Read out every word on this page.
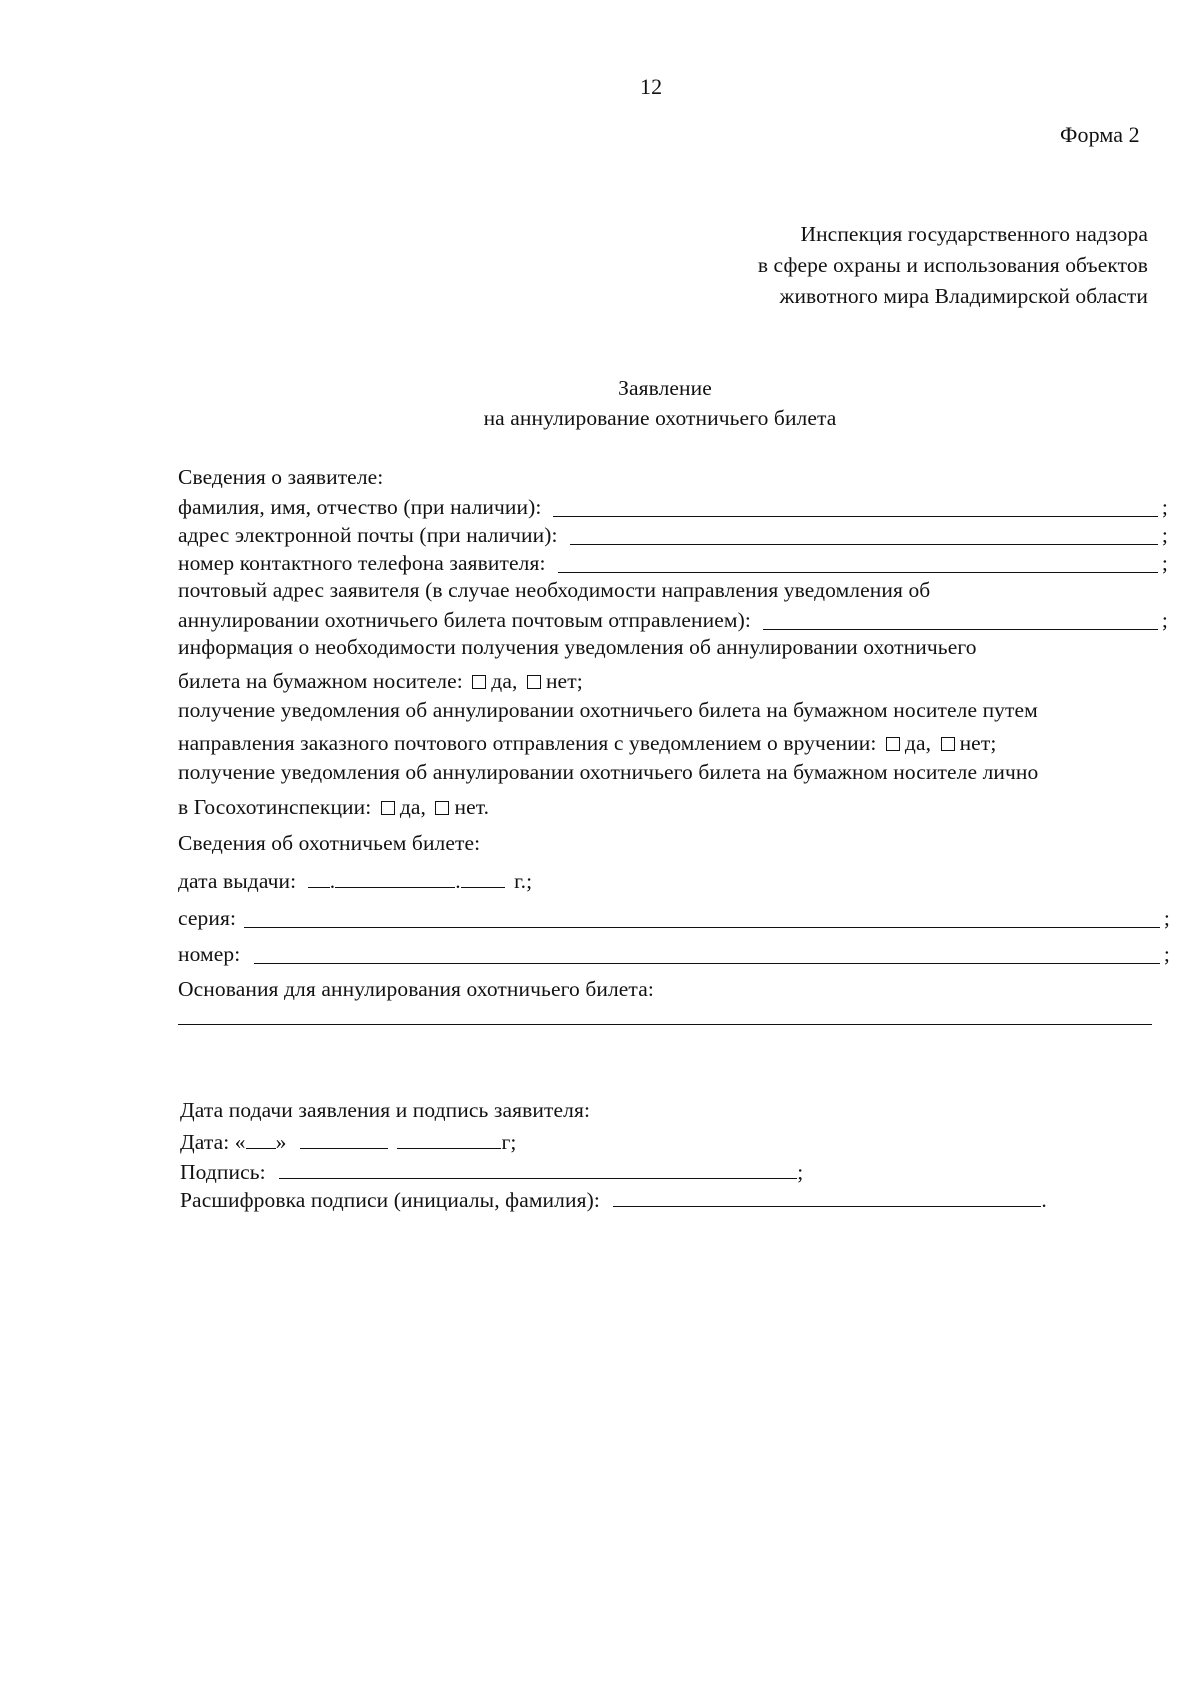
12
Форма 2
Инспекция государственного надзора
в сфере охраны и использования объектов
животного мира Владимирской области
Заявление
на аннулирование охотничьего билета
Сведения о заявителе:
фамилия, имя, отчество (при наличии):	;
адрес электронной почты (при наличии):	;
номер контактного телефона заявителя:	;
почтовый адрес заявителя (в случае необходимости направления уведомления об
аннулировании охотничьего билета почтовым отправлением):	;
информация о необходимости получения уведомления об аннулировании охотничьего
билета на бумажном носителе: да, нет;
получение уведомления об аннулировании охотничьего билета на бумажном носителе путем
направления заказного почтового отправления с уведомлением о вручении: да, нет;
получение уведомления об аннулировании охотничьего билета на бумажном носителе лично
в Госохотинспекции: да, нет.
Сведения об охотничьем билете:
дата выдачи: .	. г.;
серия:	;
номер:	;
Основания для аннулирования охотничьего билета:
Дата подачи заявления и подпись заявителя:
Дата: « »	г;
Подпись:	;
Расшифровка подписи (инициалы, фамилия):	.
